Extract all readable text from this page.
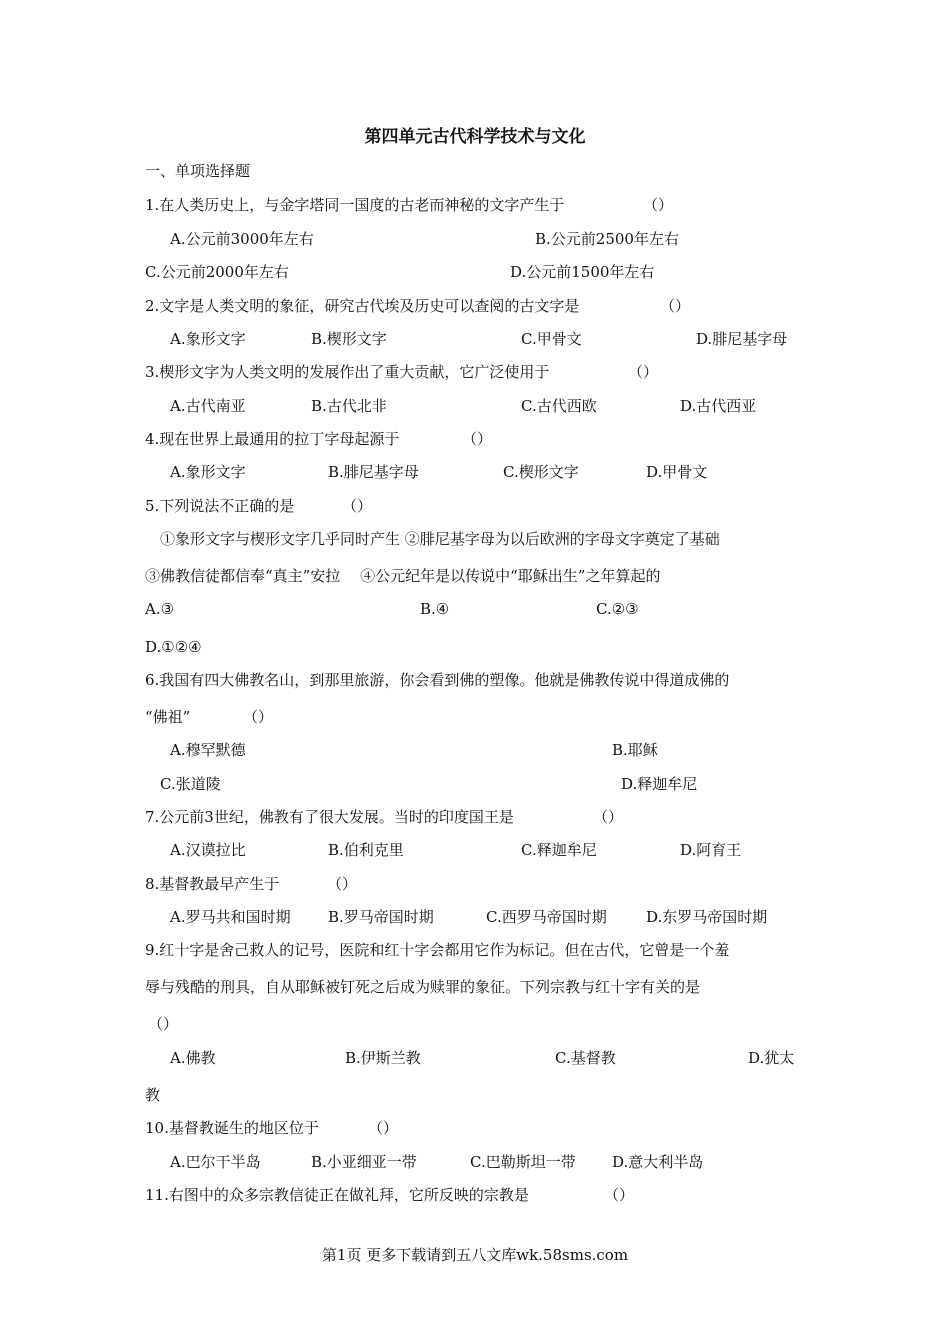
第四单元古代科学技术与文化
一、单项选择题
1.在人类历史上，与金字塔同一国度的古老而神秘的文字产生于	（）
A.公元前3000年左右	B.公元前2500年左右
C.公元前2000年左右	D.公元前1500年左右
2.文字是人类文明的象征，研究古代埃及历史可以查阅的古文字是	（）
A.象形文字	B.楔形文字	C.甲骨文	D.腓尼基字母
3.楔形文字为人类文明的发展作出了重大贡献，它广泛使用于	（）
A.古代南亚	B.古代北非	C.古代西欧	D.古代西亚
4.现在世界上最通用的拉丁字母起源于	（）
A.象形文字	B.腓尼基字母	C.楔形文字	D.甲骨文
5.下列说法不正确的是	（）
①象形文字与楔形文字几乎同时产生 ②腓尼基字母为以后欧洲的字母文字奠定了基础
③佛教信徒都信奉“真主”安拉　 ④公元纪年是以传说中“耶稣出生”之年算起的
A.③	B.④	C.②③
D.①②④
6.我国有四大佛教名山，到那里旅游，你会看到佛的塑像。他就是佛教传说中得道成佛的
“佛祖”	（）
A.穆罕默德	B.耶稣
C.张道陵	D.释迦牟尼
7.公元前3世纪，佛教有了很大发展。当时的印度国王是	（）
A.汉谟拉比	B.伯利克里	C.释迦牟尼	D.阿育王
8.基督教最早产生于	（）
A.罗马共和国时期 B.罗马帝国时期	C.西罗马帝国时期	D.东罗马帝国时期
9.红十字是舍己救人的记号，医院和红十字会都用它作为标记。但在古代，它曾是一个羞
辱与残酷的刑具，自从耶稣被钉死之后成为赎罪的象征。下列宗教与红十字有关的是
（）
A.佛教	B.伊斯兰教	C.基督教	D.犹太
教
10.基督教诞生的地区位于	（）
A.巴尔干半岛	B.小亚细亚一带	C.巴勒斯坦一带 D.意大利半岛
11.右图中的众多宗教信徒正在做礼拜，它所反映的宗教是	（）
第1页 更多下载请到五八文库wk.58sms.com
